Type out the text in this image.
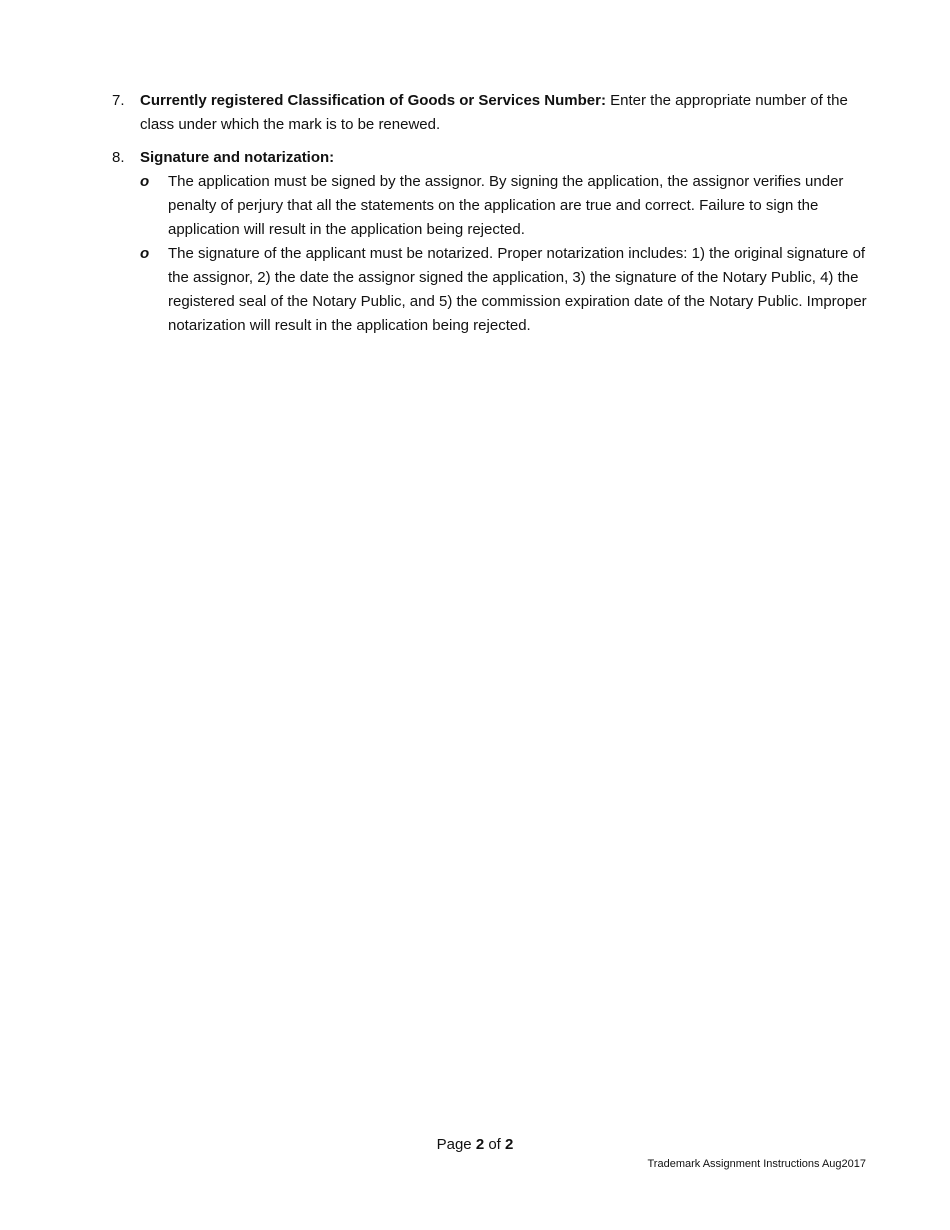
7. Currently registered Classification of Goods or Services Number: Enter the appropriate number of the class under which the mark is to be renewed.
8. Signature and notarization:
o The application must be signed by the assignor. By signing the application, the assignor verifies under penalty of perjury that all the statements on the application are true and correct. Failure to sign the application will result in the application being rejected.
o The signature of the applicant must be notarized. Proper notarization includes: 1) the original signature of the assignor, 2) the date the assignor signed the application, 3) the signature of the Notary Public, 4) the registered seal of the Notary Public, and 5) the commission expiration date of the Notary Public. Improper notarization will result in the application being rejected.
Page 2 of 2
Trademark Assignment Instructions Aug2017
